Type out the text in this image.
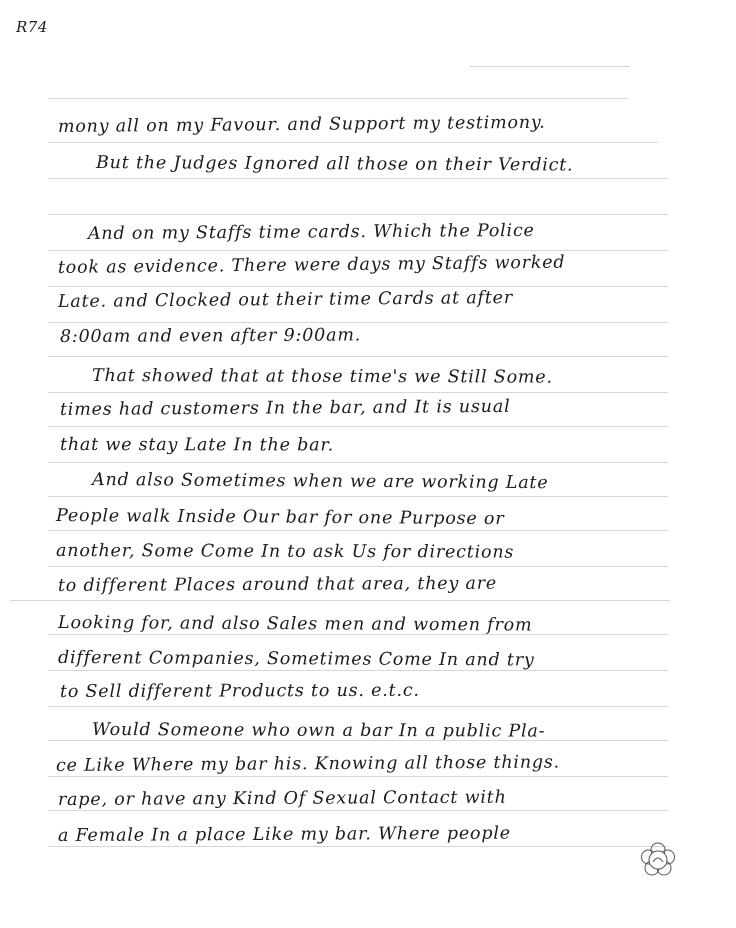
R74
mony all on my Favour. and Support my testimony.
But the Judges Ignored all those on their Verdict.
And on my Staffs time cards. Which the Police
took as evidence. There were days my Staffs worked
Late. and Clocked out their time Cards at after
8:00am and even after 9:00am.
That showed that at those time's we Still Some.
times had customers In the bar, and It is usual
that we stay Late In the bar.
And also Sometimes when we are working Late
People walk Inside Our bar for one Purpose or
another, Some Come In to ask Us for directions
to different Places around that area, they are
Looking for, and also Sales men and women from
different Companies, Sometimes Come In and try
to Sell different Products to us. e.t.c.
Would Someone who own a bar In a public Pla-
ce Like Where my bar his. Knowing all those things.
rape, or have any Kind Of Sexual Contact with
a Female In a place Like my bar. Where people
